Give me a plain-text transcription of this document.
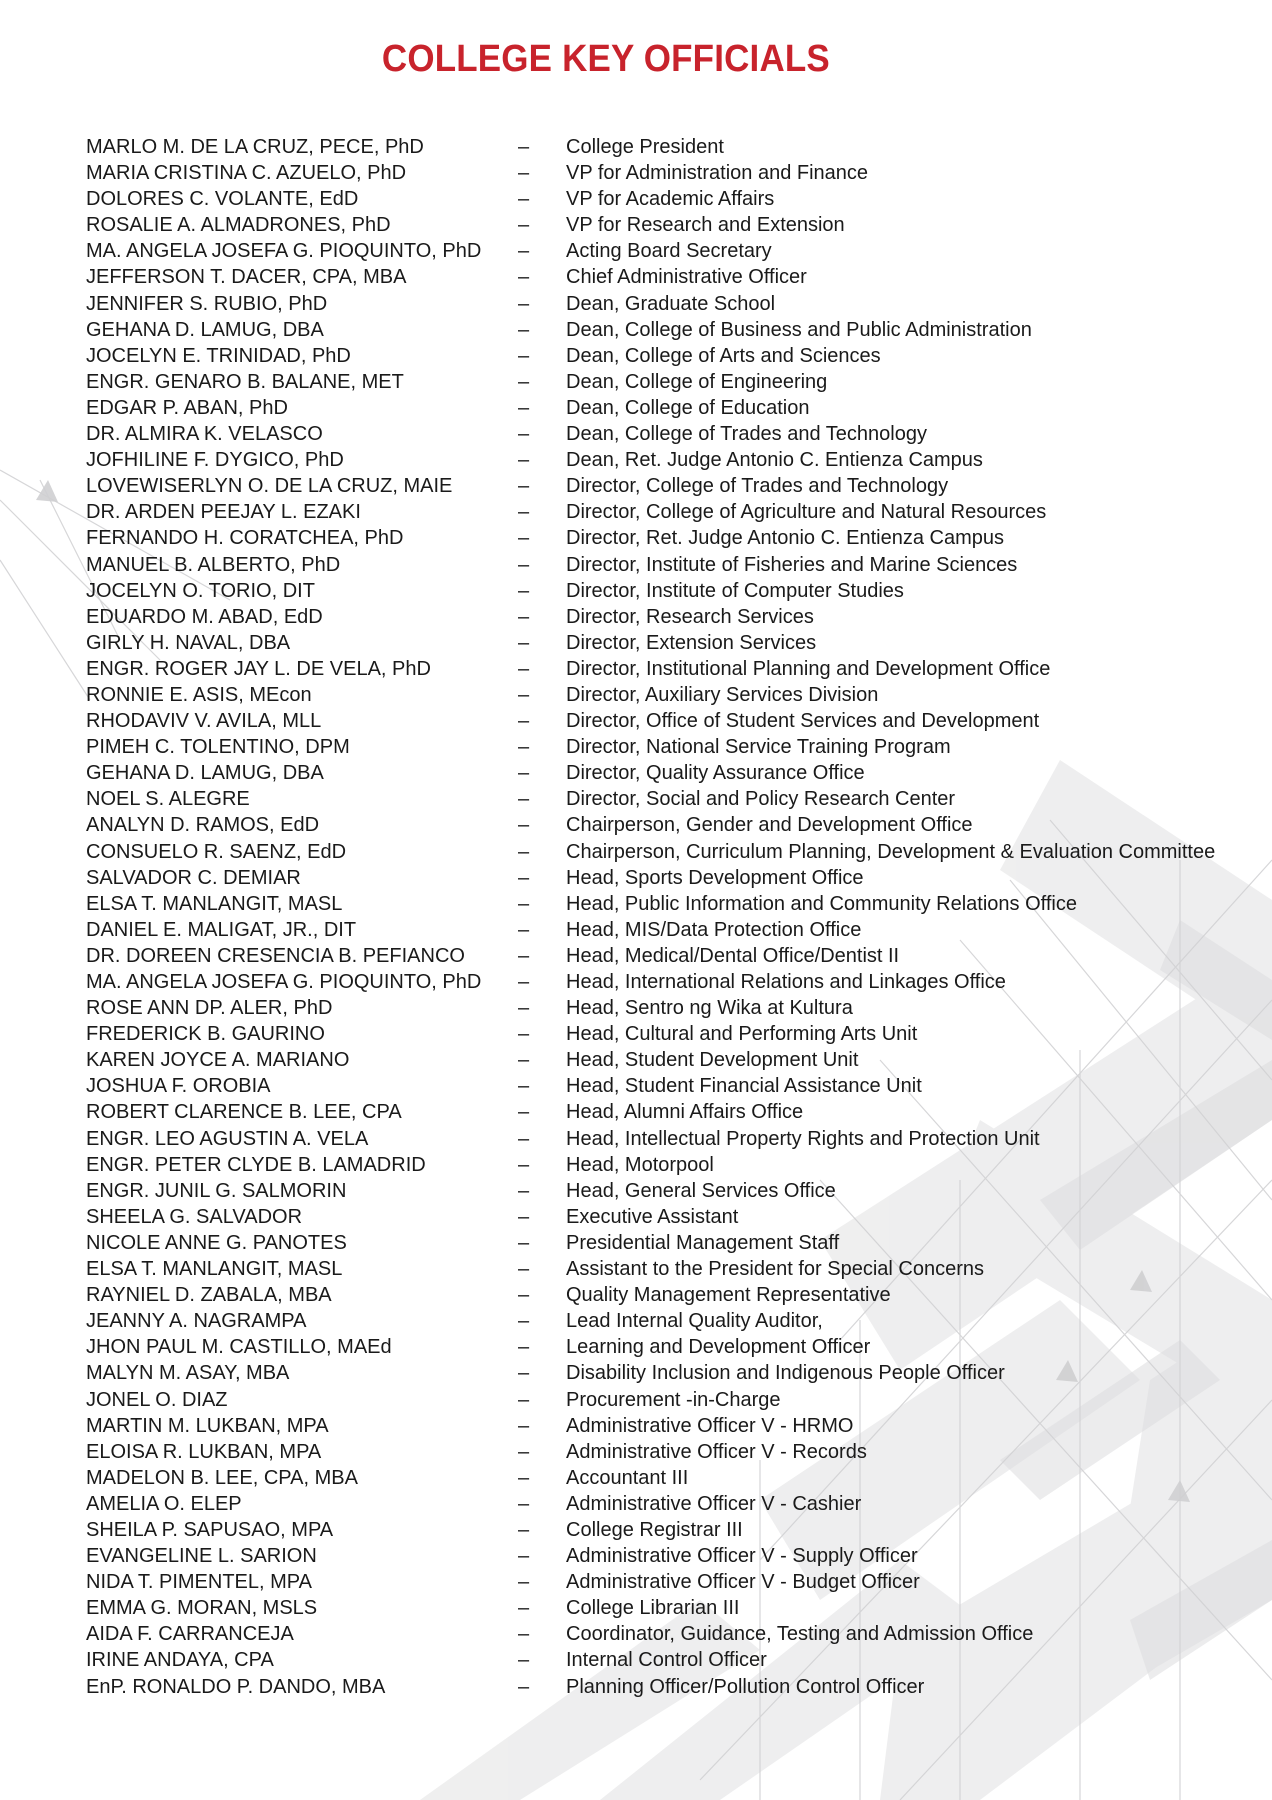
COLLEGE KEY OFFICIALS
MARLO M. DE LA CRUZ, PECE, PhD	– College President
MARIA CRISTINA C. AZUELO, PhD	– VP for Administration and Finance
DOLORES C. VOLANTE, EdD	– VP for Academic Affairs
ROSALIE A. ALMADRONES, PhD	– VP for Research and Extension
MA. ANGELA JOSEFA G. PIOQUINTO, PhD – Acting Board Secretary
JEFFERSON T. DACER, CPA, MBA	– Chief Administrative Officer
JENNIFER S. RUBIO, PhD	– Dean, Graduate School
GEHANA D. LAMUG, DBA	– Dean, College of Business and Public Administration
JOCELYN E. TRINIDAD, PhD	– Dean, College of Arts and Sciences
ENGR. GENARO B. BALANE, MET	– Dean, College of Engineering
EDGAR P. ABAN, PhD	– Dean, College of Education
DR. ALMIRA K. VELASCO	– Dean, College of Trades and Technology
JOFHILINE F. DYGICO, PhD	– Dean, Ret. Judge Antonio C. Entienza Campus
LOVEWISERLYN O. DE LA CRUZ, MAIE	– Director, College of Trades and Technology
DR. ARDEN PEEJAY L. EZAKI	– Director, College of Agriculture and Natural Resources
FERNANDO H. CORATCHEA, PhD	– Director, Ret. Judge Antonio C. Entienza Campus
MANUEL B. ALBERTO, PhD	– Director, Institute of Fisheries and Marine Sciences
JOCELYN O. TORIO, DIT	– Director, Institute of Computer Studies
EDUARDO M. ABAD, EdD	– Director, Research Services
GIRLY H. NAVAL, DBA	– Director, Extension Services
ENGR. ROGER JAY L. DE VELA, PhD	– Director, Institutional Planning and Development Office
RONNIE E. ASIS, MEcon	– Director, Auxiliary Services Division
RHODAVIV V. AVILA, MLL	– Director, Office of Student Services and Development
PIMEH C. TOLENTINO, DPM	– Director, National Service Training Program
GEHANA D. LAMUG, DBA	– Director, Quality Assurance Office
NOEL S. ALEGRE	– Director, Social and Policy Research Center
ANALYN D. RAMOS, EdD	– Chairperson, Gender and Development Office
CONSUELO R. SAENZ, EdD	– Chairperson, Curriculum Planning, Development & Evaluation Committee
SALVADOR C. DEMIAR	– Head, Sports Development Office
ELSA T. MANLANGIT, MASL	– Head, Public Information and Community Relations Office
DANIEL E. MALIGAT, JR., DIT	– Head, MIS/Data Protection Office
DR. DOREEN CRESENCIA B. PEFIANCO	– Head, Medical/Dental Office/Dentist II
MA. ANGELA JOSEFA G. PIOQUINTO, PhD – Head, International Relations and Linkages Office
ROSE ANN DP. ALER, PhD	– Head, Sentro ng Wika at Kultura
FREDERICK B. GAURINO	– Head, Cultural and Performing Arts Unit
KAREN JOYCE A. MARIANO	– Head, Student Development Unit
JOSHUA F. OROBIA	– Head, Student Financial Assistance Unit
ROBERT CLARENCE B. LEE, CPA	– Head, Alumni Affairs Office
ENGR. LEO AGUSTIN A. VELA	– Head, Intellectual Property Rights and Protection Unit
ENGR. PETER CLYDE B. LAMADRID	– Head, Motorpool
ENGR. JUNIL G. SALMORIN	– Head, General Services Office
SHEELA G. SALVADOR	– Executive Assistant
NICOLE ANNE G. PANOTES	– Presidential Management Staff
ELSA T. MANLANGIT, MASL	– Assistant to the President for Special Concerns
RAYNIEL D. ZABALA, MBA	– Quality Management Representative
JEANNY A. NAGRAMPA	– Lead Internal Quality Auditor,
JHON PAUL M. CASTILLO, MAEd	– Learning and Development Officer
MALYN M. ASAY, MBA	– Disability Inclusion and Indigenous People Officer
JONEL O. DIAZ	– Procurement -in-Charge
MARTIN M. LUKBAN, MPA	– Administrative Officer V - HRMO
ELOISA R. LUKBAN, MPA	– Administrative Officer V - Records
MADELON B. LEE, CPA, MBA	– Accountant III
AMELIA O. ELEP	– Administrative Officer V - Cashier
SHEILA P. SAPUSAO, MPA	– College Registrar III
EVANGELINE L. SARION	– Administrative Officer V - Supply Officer
NIDA T. PIMENTEL, MPA	– Administrative Officer V - Budget Officer
EMMA G. MORAN, MSLS	– College Librarian III
AIDA F. CARRANCEJA	– Coordinator, Guidance, Testing and Admission Office
IRINE ANDAYA, CPA	– Internal Control Officer
EnP. RONALDO P. DANDO, MBA	– Planning Officer/Pollution Control Officer
